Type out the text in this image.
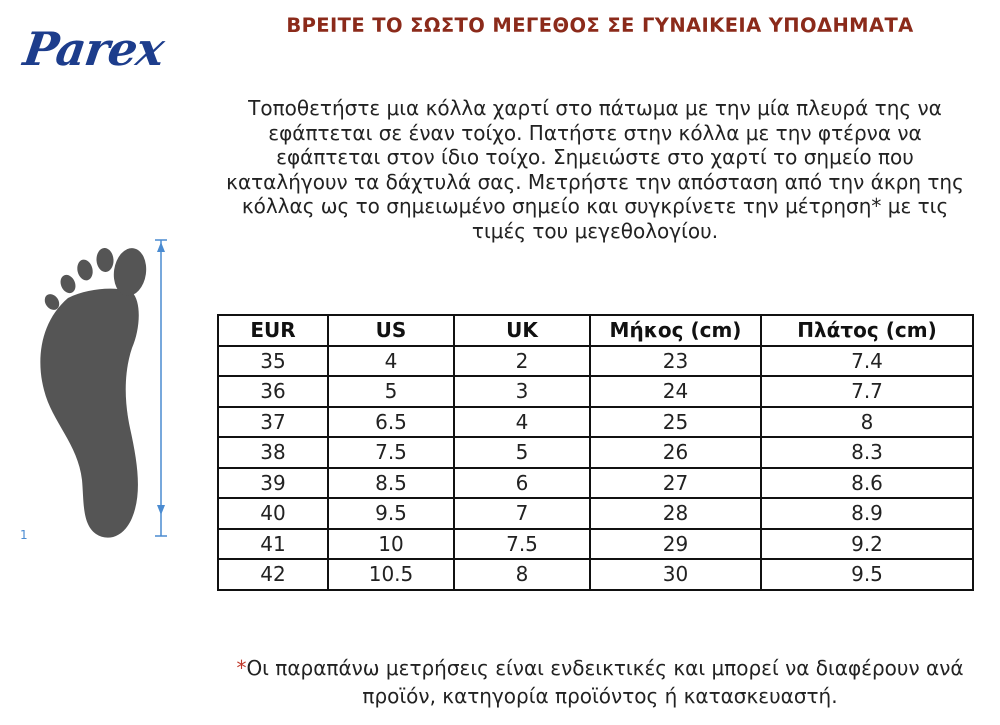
Parex	ΒΡΕΙΤΕ ΤΟ ΣΩΣΤΟ ΜΕΓΕΘΟΣ ΣΕ ΓΥΝΑΙΚΕΙΑ ΥΠΟΔΗΜΑΤΑ
Τοποθετήστε μια κόλλα χαρτί στο πάτωμα με την μία πλευρά της να εφάπτεται σε έναν τοίχο. Πατήστε στην κόλλα με την φτέρνα να εφάπτεται στον ίδιο τοίχο. Σημειώστε στο χαρτί το σημείο που καταλήγουν τα δάχτυλά σας. Μετρήστε την απόσταση από την άκρη της κόλλας ως το σημειωμένο σημείο και συγκρίνετε την μέτρηση* με τις τιμές του μεγεθολογίου.
1
EUR	US	UK	Μήκος (cm)	Πλάτος (cm)
35	4	2	23	7.4
36	5	3	24	7.7
37	6.5	4	25	8
38	7.5	5	26	8.3
39	8.5	6	27	8.6
40	9.5	7	28	8.9
41	10	7.5	29	9.2
42	10.5	8	30	9.5
*Οι παραπάνω μετρήσεις είναι ενδεικτικές και μπορεί να διαφέρουν ανά προϊόν, κατηγορία προϊόντος ή κατασκευαστή.
